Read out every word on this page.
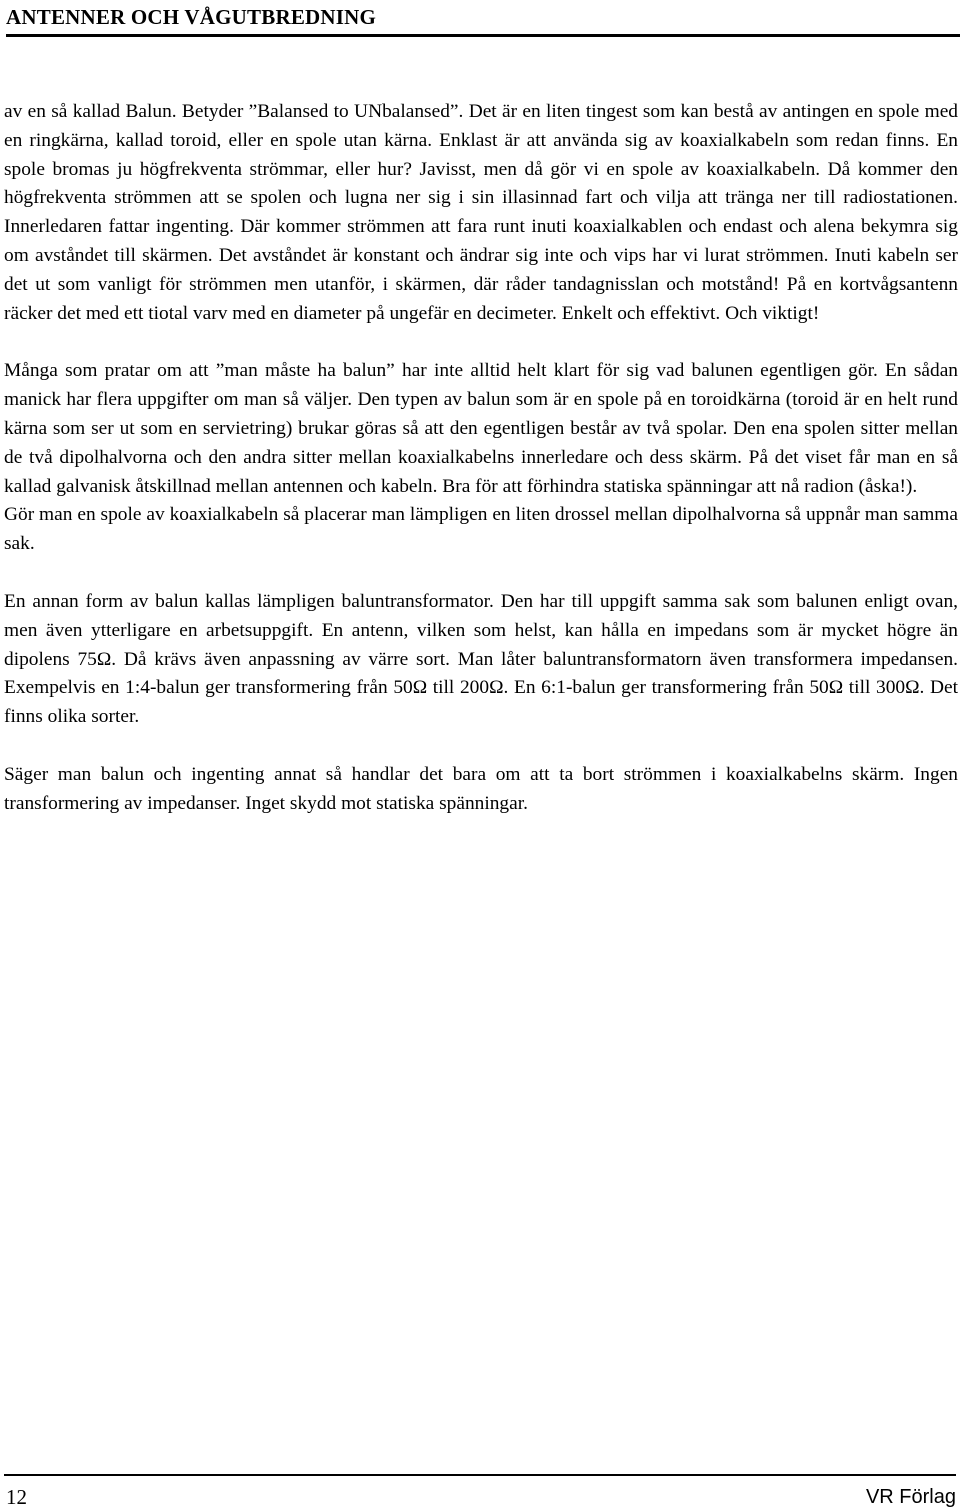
ANTENNER OCH VÅGUTBREDNING

av en så kallad Balun. Betyder ”Balansed to UNbalansed”. Det är en liten tingest som kan bestå av antingen en spole med en ringkärna, kallad toroid, eller en spole utan kärna. Enklast är att använda sig av koaxialkabeln som redan finns. En spole bromas ju högfrekventa strömmar, eller hur? Javisst, men då gör vi en spole av koaxialkabeln. Då kommer den högfrekventa strömmen att se spolen och lugna ner sig i sin illasinnad fart och vilja att tränga ner till radiostationen. Innerledaren fattar ingenting. Där kommer strömmen att fara runt inuti koaxialkablen och endast och alena bekymra sig om avståndet till skärmen. Det avståndet är konstant och ändrar sig inte och vips har vi lurat strömmen. Inuti kabeln ser det ut som vanligt för strömmen men utanför, i skärmen, där råder tandagnisslan och motstånd! På en kortvågsantenn räcker det med ett tiotal varv med en diameter på ungefär en decimeter. Enkelt och effektivt. Och viktigt!

Många som pratar om att ”man måste ha balun” har inte alltid helt klart för sig vad balunen egentligen gör. En sådan manick har flera uppgifter om man så väljer. Den typen av balun som är en spole på en toroidkärna (toroid är en helt rund kärna som ser ut som en servietring) brukar göras så att den egentligen består av två spolar. Den ena spolen sitter mellan de två dipolhalvorna och den andra sitter mellan koaxialkabelns innerledare och dess skärm. På det viset får man en så kallad galvanisk åtskillnad mellan antennen och kabeln. Bra för att förhindra statiska spänningar att nå radion (åska!).

Gör man en spole av koaxialkabeln så placerar man lämpligen en liten drossel mellan dipolhalvorna så uppnår man samma sak.

En annan form av balun kallas lämpligen baluntransformator. Den har till uppgift samma sak som balunen enligt ovan, men även ytterligare en arbetsuppgift. En antenn, vilken som helst, kan hålla en impedans som är mycket högre än dipolens 75Ω. Då krävs även anpassning av värre sort. Man låter baluntransformatorn även transformera impedansen. Exempelvis en 1:4-balun ger transformering från 50Ω till 200Ω. En 6:1-balun ger transformering från 50Ω till 300Ω. Det finns olika sorter.

Säger man balun och ingenting annat så handlar det bara om att ta bort strömmen i koaxialkabelns skärm. Ingen transformering av impedanser. Inget skydd mot statiska spänningar.

12	VR Förlag
